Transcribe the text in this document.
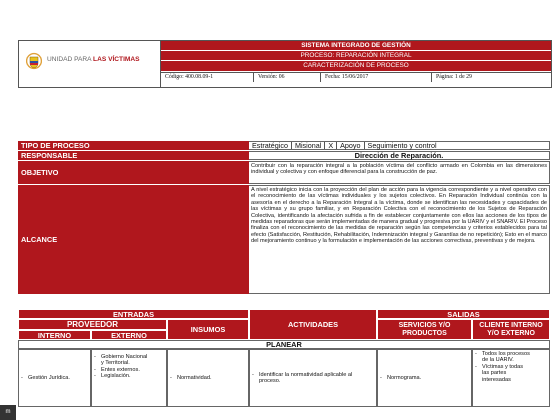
UNIDAD PARA LAS VÍCTIMAS
SISTEMA INTEGRADO DE GESTIÓN
PROCESO: REPARACIÓN INTEGRAL
CARACTERIZACIÓN DE PROCESO
Código: 400.08.09-1	Versión: 06	Fecha: 15/06/2017	Página: 1 de 29
TIPO DE PROCESO	Estratégico Misional X Apoyo Seguimiento y control
RESPONSABLE	Dirección de Reparación.
OBJETIVO
Contribuir con la reparación integral a la población víctima del conflicto armado en Colombia en las dimensiones individual y colectiva y con enfoque diferencial para la construcción de paz.
ALCANCE
A nivel estratégico inicia con la proyección del plan de acción para la vigencia correspondiente y a nivel operativo con el reconocimiento de las víctimas individuales y los sujetos colectivos. En Reparación Individual continúa con la asesoría en el derecho a la Reparación Integral a la víctima, donde se identifican las necesidades y capacidades de las víctimas y su grupo familiar, y en Reparación Colectiva con el reconocimiento de los Sujetos de Reparación Colectiva, identificando la afectación sufrida a fin de establecer conjuntamente con ellos las acciones de los tipos de medidas reparadoras que serán implementadas de manera gradual y progresiva por la UARIV y el SNARIV. El Proceso finaliza con el reconocimiento de las medidas de reparación según las competencias y criterios establecidos para tal efecto (Satisfacción, Restitución, Rehabilitación, Indemnización integral y Garantías de no repetición); Esto en el marco del mejoramiento continuo y la formulación e implementación de las acciones correctivas, preventivas y de mejora.
ENTRADAS
PROVEEDOR
INTERNO	EXTERNO
INSUMOS
ACTIVIDADES
SALIDAS
SERVICIOS Y/O PRODUCTOS
CLIENTE INTERNO Y/O EXTERNO
PLANEAR
- Gestión Jurídica.
- Gobierno Nacional y Territorial.
- Entes externos.
- Legislación.
-	Normatividad.
- Identificar la normatividad aplicable al proceso.
- Normograma.
- Todos los procesos de la UARIV.
- Víctimas y todas las partes interesadas
m
